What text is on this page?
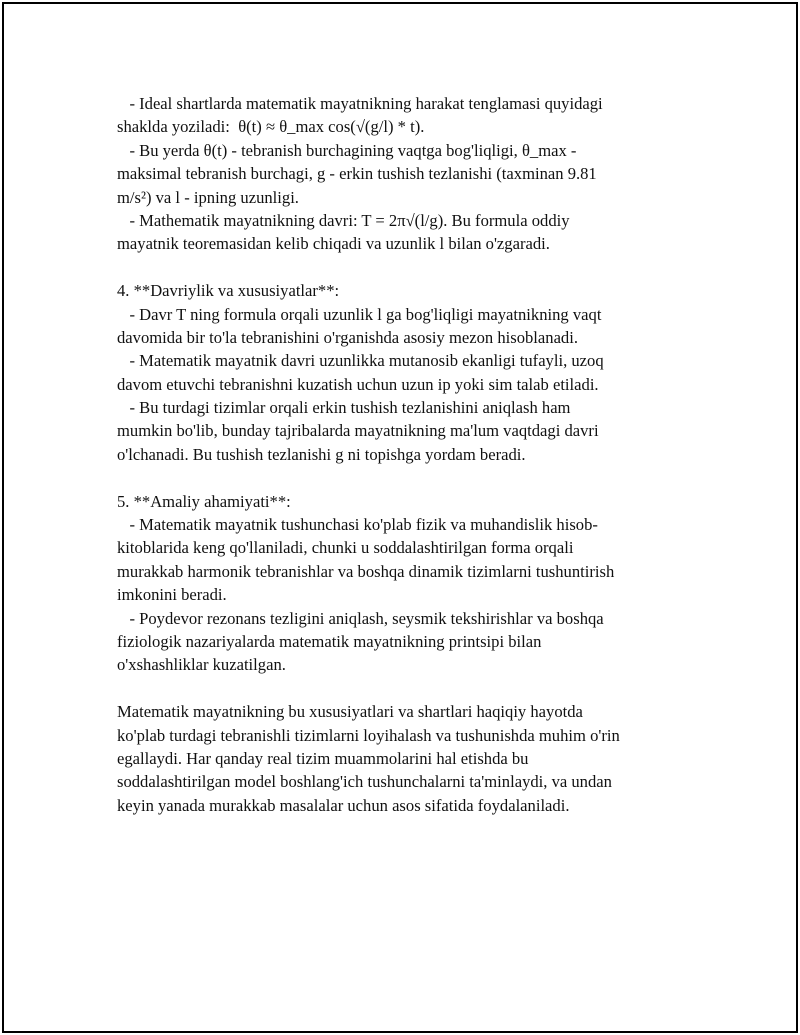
- Ideal shartlarda matematik mayatnikning harakat tenglamasi quyidagi
shaklda yoziladi:  θ(t) ≈ θ_max cos(√(g/l) * t).
- Bu yerda θ(t) - tebranish burchagining vaqtga bog'liqligi, θ_max -
maksimal tebranish burchagi, g - erkin tushish tezlanishi (taxminan 9.81
m/s²) va l - ipning uzunligi.
- Mathematik mayatnikning davri: T = 2π√(l/g). Bu formula oddiy
mayatnik teoremasidan kelib chiqadi va uzunlik l bilan o'zgaradi.
4. **Davriylik va xususiyatlar**:
- Davr T ning formula orqali uzunlik l ga bog'liqligi mayatnikning vaqt
davomida bir to'la tebranishini o'rganishda asosiy mezon hisoblanadi.
- Matematik mayatnik davri uzunlikka mutanosib ekanligi tufayli, uzoq
davom etuvchi tebranishni kuzatish uchun uzun ip yoki sim talab etiladi.
- Bu turdagi tizimlar orqali erkin tushish tezlanishini aniqlash ham
mumkin bo'lib, bunday tajribalarda mayatnikning ma'lum vaqtdagi davri
o'lchanadi. Bu tushish tezlanishi g ni topishga yordam beradi.
5. **Amaliy ahamiyati**:
- Matematik mayatnik tushunchasi ko'plab fizik va muhandislik hisob-
kitoblarida keng qo'llaniladi, chunki u soddalashtirilgan forma orqali
murakkab harmonik tebranishlar va boshqa dinamik tizimlarni tushuntirish
imkonini beradi.
- Poydevor rezonans tezligini aniqlash, seysmik tekshirishlar va boshqa
fiziologik nazariyalarda matematik mayatnikning printsipi bilan
o'xshashliklar kuzatilgan.
Matematik mayatnikning bu xususiyatlari va shartlari haqiqiy hayotda
ko'plab turdagi tebranishli tizimlarni loyihalash va tushunishda muhim o'rin
egallaydi. Har qanday real tizim muammolarini hal etishda bu
soddalashtirilgan model boshlang'ich tushunchalarni ta'minlaydi, va undan
keyin yanada murakkab masalalar uchun asos sifatida foydalaniladi.
